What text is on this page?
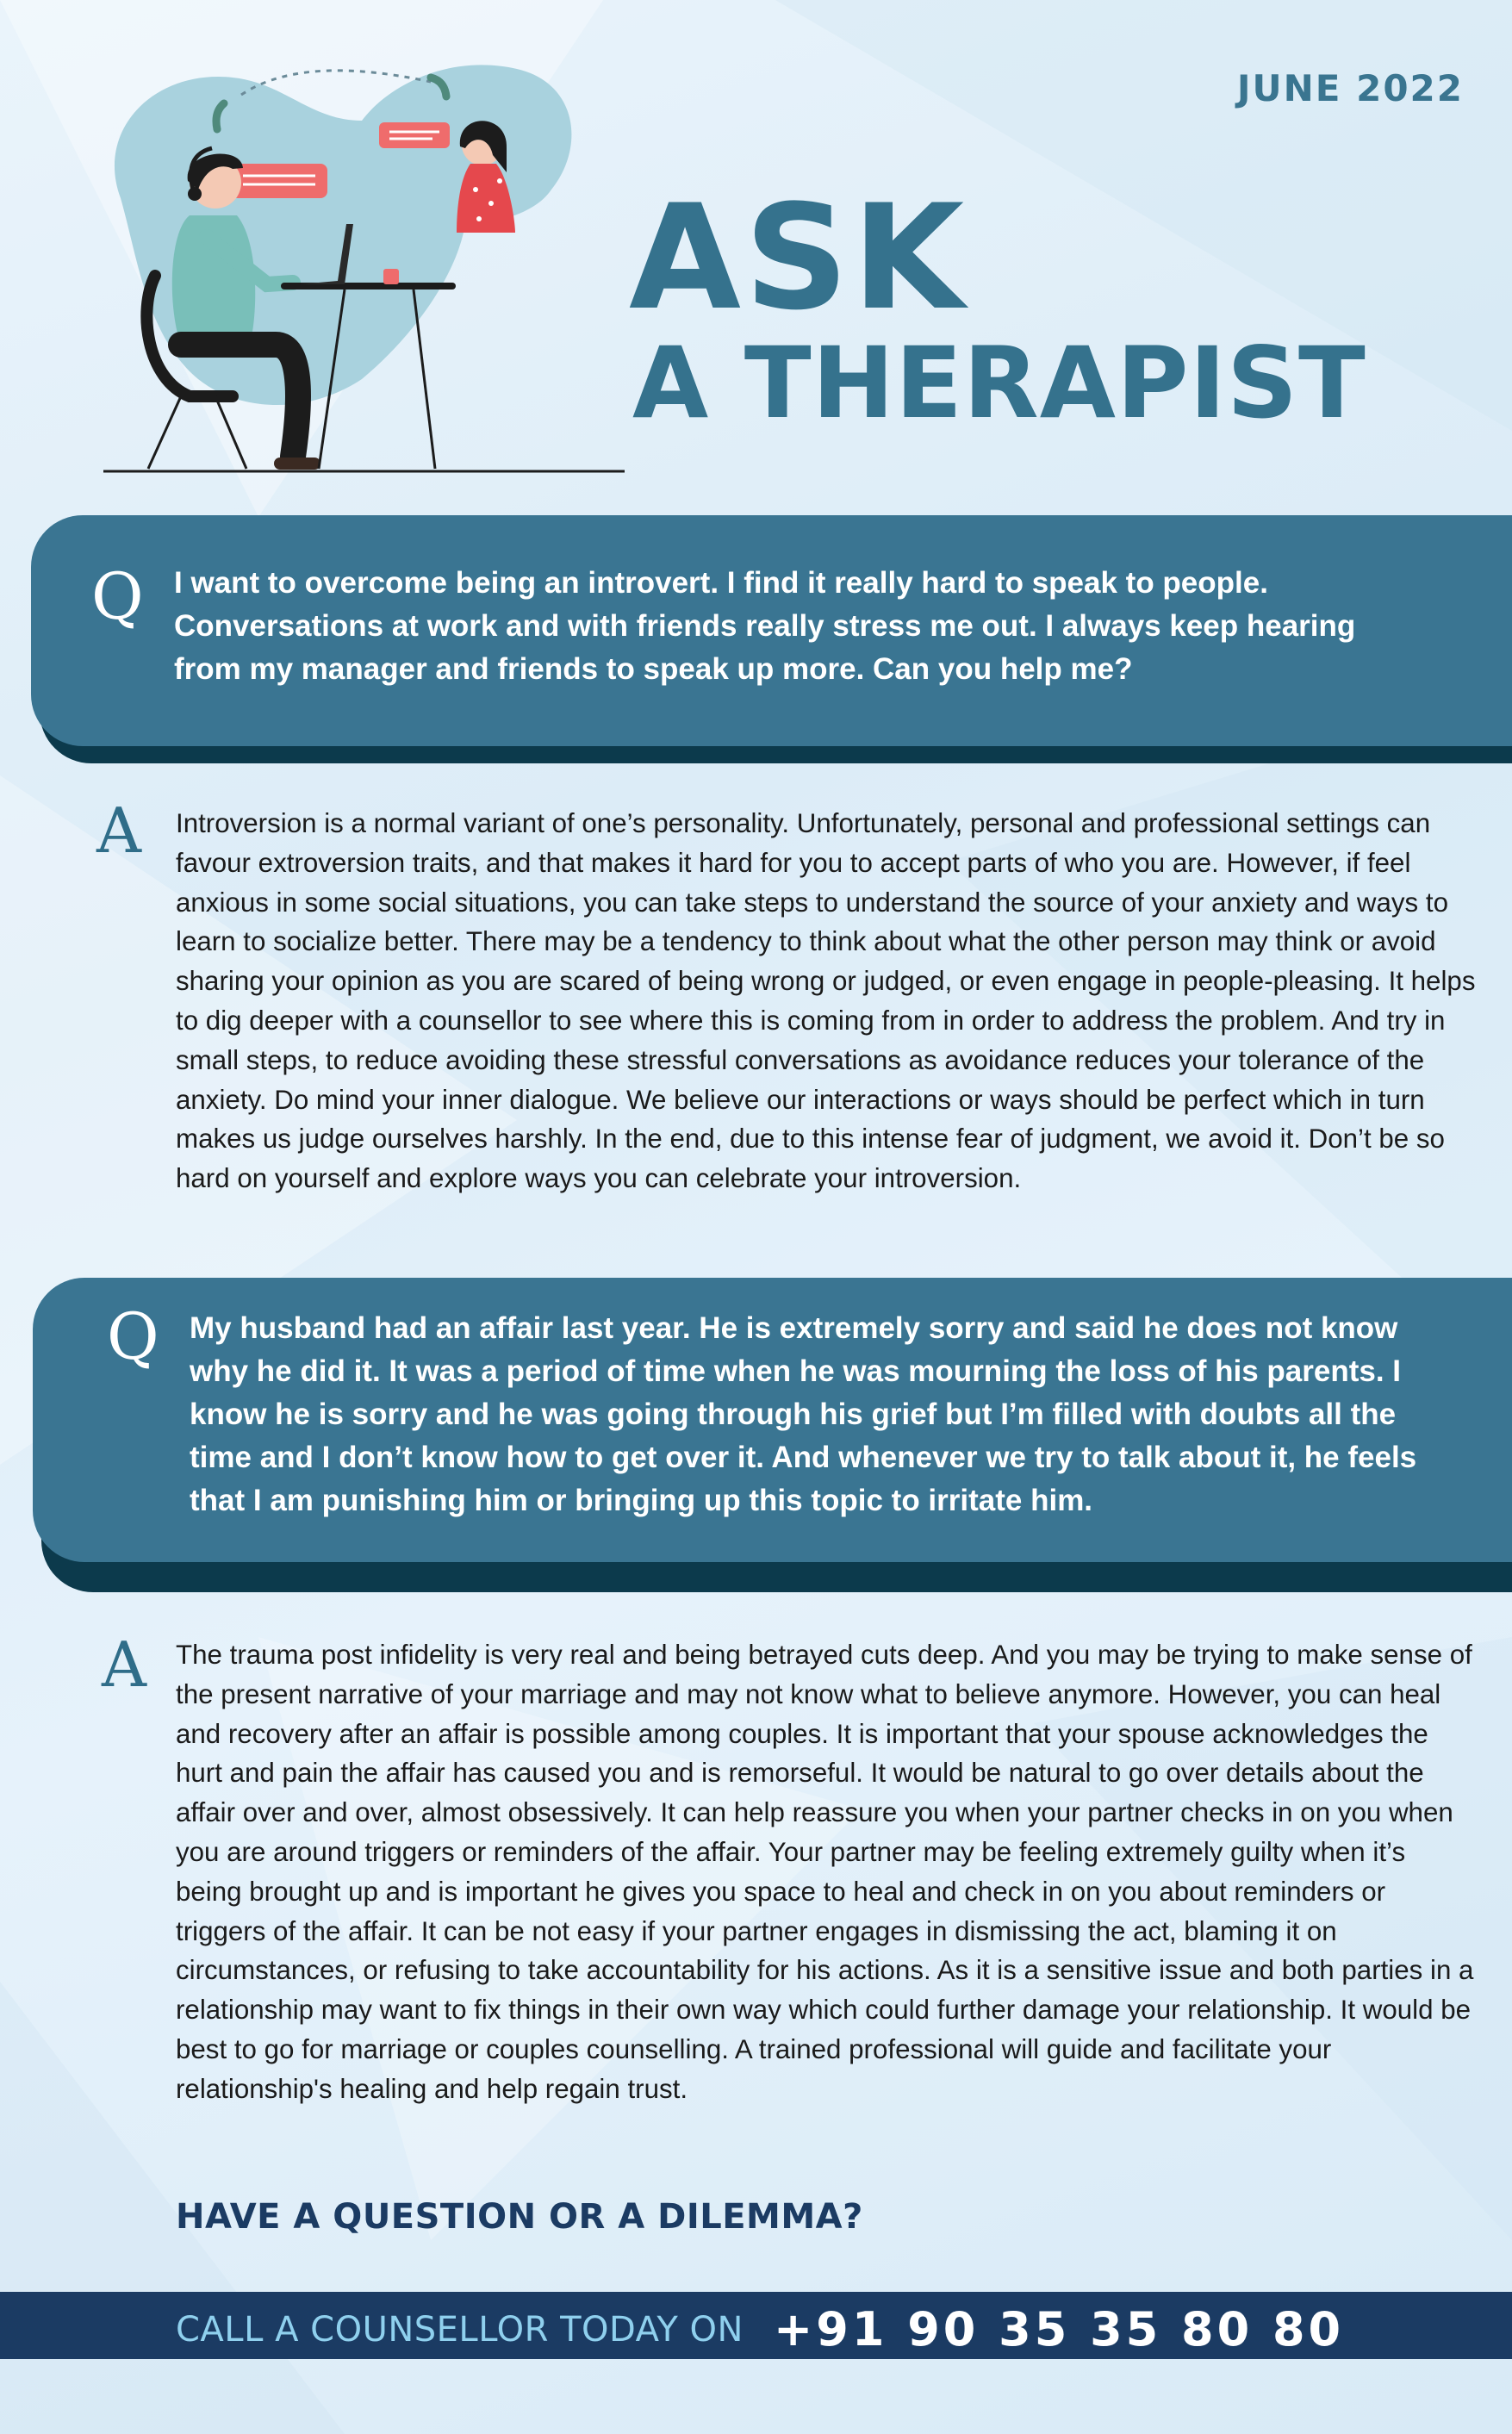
JUNE 2022
ASK
A THERAPIST
Q I want to overcome being an introvert. I find it really hard to speak to people. Conversations at work and with friends really stress me out. I always keep hearing from my manager and friends to speak up more. Can you help me?
A Introversion is a normal variant of one’s personality. Unfortunately, personal and professional settings can favour extroversion traits, and that makes it hard for you to accept parts of who you are. However, if feel anxious in some social situations, you can take steps to understand the source of your anxiety and ways to learn to socialize better. There may be a tendency to think about what the other person may think or avoid sharing your opinion as you are scared of being wrong or judged, or even engage in people-pleasing. It helps to dig deeper with a counsellor to see where this is coming from in order to address the problem. And try in small steps, to reduce avoiding these stressful conversations as avoidance reduces your tolerance of the anxiety. Do mind your inner dialogue. We believe our interactions or ways should be perfect which in turn makes us judge ourselves harshly. In the end, due to this intense fear of judgment, we avoid it. Don’t be so hard on yourself and explore ways you can celebrate your introversion.
Q My husband had an affair last year. He is extremely sorry and said he does not know why he did it. It was a period of time when he was mourning the loss of his parents. I know he is sorry and he was going through his grief but I’m filled with doubts all the time and I don’t know how to get over it. And whenever we try to talk about it, he feels that I am punishing him or bringing up this topic to irritate him.
A The trauma post infidelity is very real and being betrayed cuts deep. And you may be trying to make sense of the present narrative of your marriage and may not know what to believe anymore. However, you can heal and recovery after an affair is possible among couples. It is important that your spouse acknowledges the hurt and pain the affair has caused you and is remorseful. It would be natural to go over details about the affair over and over, almost obsessively. It can help reassure you when your partner checks in on you when you are around triggers or reminders of the affair. Your partner may be feeling extremely guilty when it’s being brought up and is important he gives you space to heal and check in on you about reminders or triggers of the affair. It can be not easy if your partner engages in dismissing the act, blaming it on circumstances, or refusing to take accountability for his actions. As it is a sensitive issue and both parties in a relationship may want to fix things in their own way which could further damage your relationship. It would be best to go for marriage or couples counselling. A trained professional will guide and facilitate your relationship's healing and help regain trust.
HAVE A QUESTION OR A DILEMMA?
CALL A COUNSELLOR TODAY ON +91 90 35 35 80 80
